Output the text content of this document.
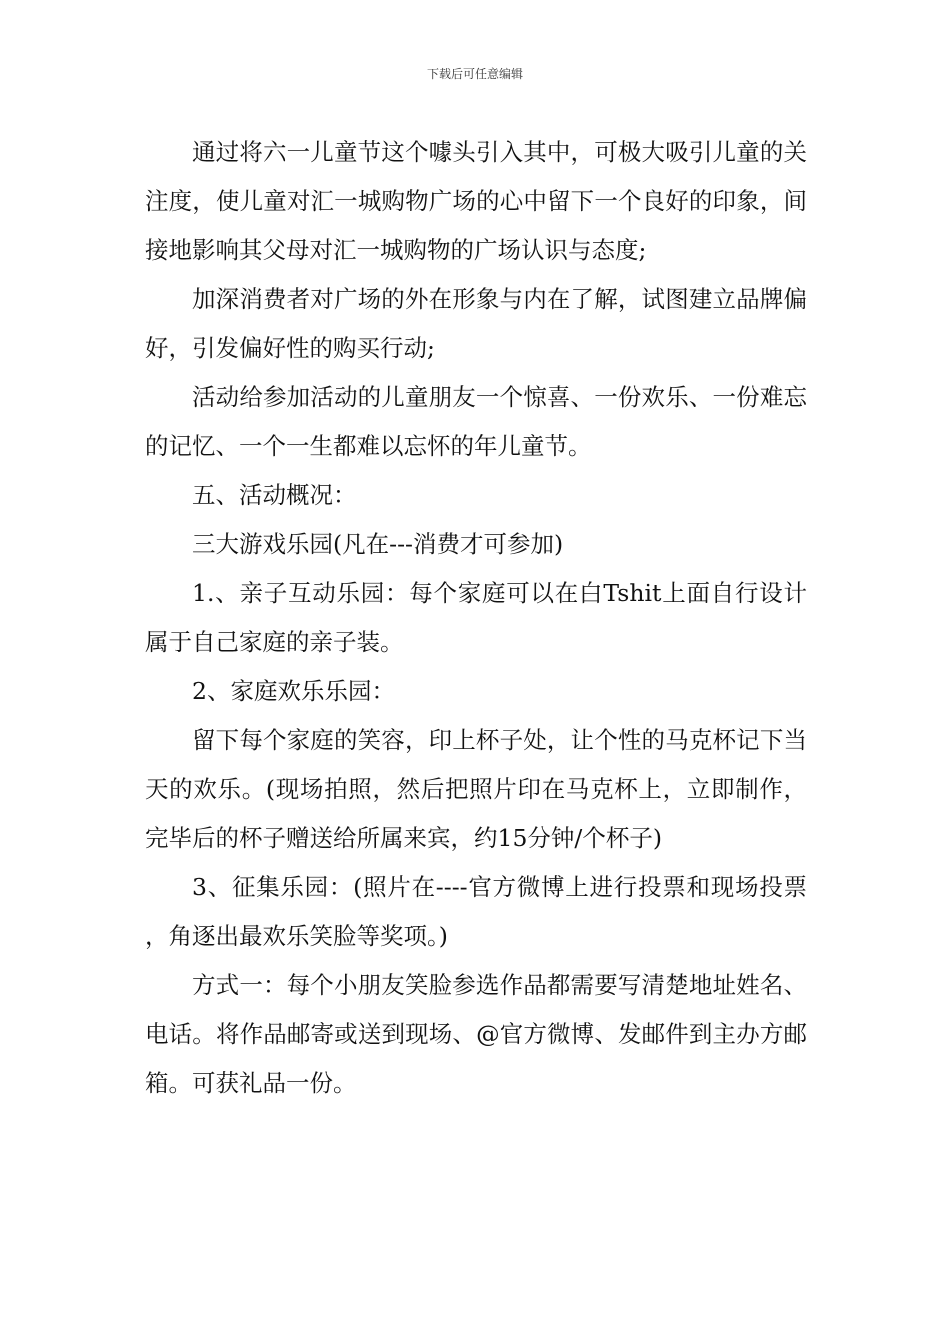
下载后可任意编辑

通过将六一儿童节这个噱头引入其中，可极大吸引儿童的关注度，使儿童对汇一城购物广场的心中留下一个良好的印象，间接地影响其父母对汇一城购物的广场认识与态度;

加深消费者对广场的外在形象与内在了解，试图建立品牌偏好，引发偏好性的购买行动;

活动给参加活动的儿童朋友一个惊喜、一份欢乐、一份难忘的记忆、一个一生都难以忘怀的年儿童节。

五、活动概况：

三大游戏乐园(凡在---消费才可参加)

1.、亲子互动乐园：每个家庭可以在白Tshit上面自行设计属于自己家庭的亲子装。

2、家庭欢乐乐园：

留下每个家庭的笑容，印上杯子处，让个性的马克杯记下当天的欢乐。(现场拍照，然后把照片印在马克杯上，立即制作，完毕后的杯子赠送给所属来宾，约15分钟/个杯子)

3、征集乐园：(照片在----官方微博上进行投票和现场投票，角逐出最欢乐笑脸等奖项。)

方式一：每个小朋友笑脸参选作品都需要写清楚地址姓名、电话。将作品邮寄或送到现场、@官方微博、发邮件到主办方邮箱。可获礼品一份。
